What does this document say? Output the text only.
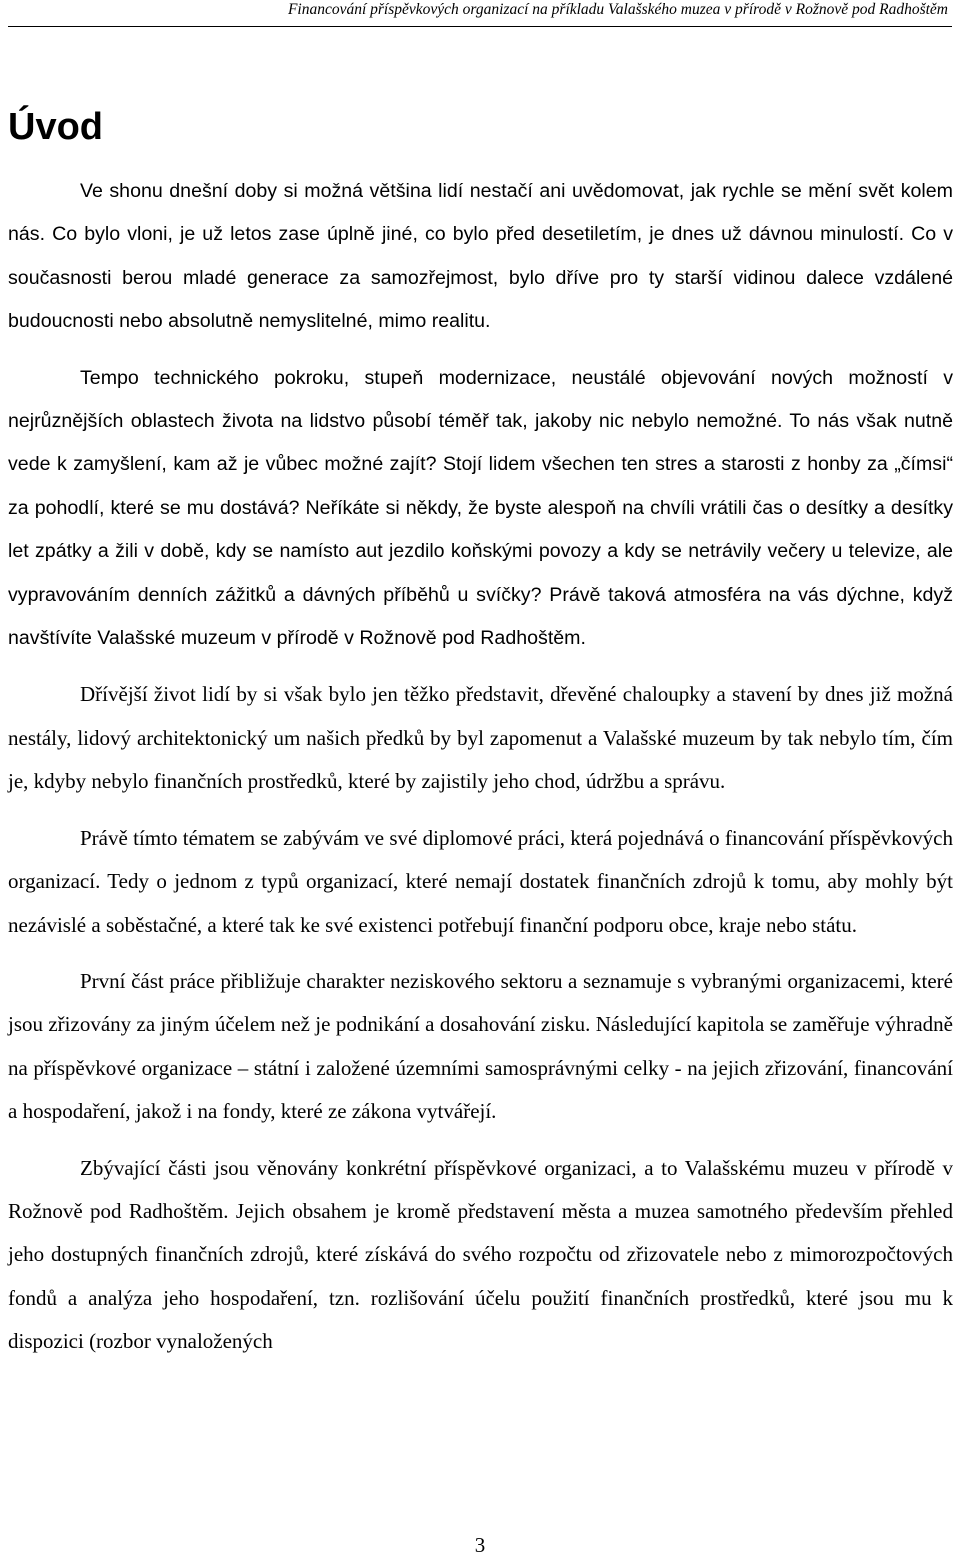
Financování příspěvkových organizací na příkladu Valašského muzea v přírodě v Rožnově pod Radhoštěm
Úvod

Ve shonu dnešní doby si možná většina lidí nestačí ani uvědomovat, jak rychle se mění svět kolem nás. Co bylo vloni, je už letos zase úplně jiné, co bylo před desetiletím, je dnes už dávnou minulostí. Co v současnosti berou mladé generace za samozřejmost, bylo dříve pro ty starší vidinou dalece vzdálené budoucnosti nebo absolutně nemyslitelné, mimo realitu.

Tempo technického pokroku, stupeň modernizace, neustálé objevování nových možností v nejrůznějších oblastech života na lidstvo působí téměř tak, jakoby nic nebylo nemožné. To nás však nutně vede k zamyšlení, kam až je vůbec možné zajít? Stojí lidem všechen ten stres a starosti z honby za „čímsi“ za pohodlí, které se mu dostává? Neříkáte si někdy, že byste alespoň na chvíli vrátili čas o desítky a desítky let zpátky a žili v době, kdy se namísto aut jezdilo koňskými povozy a kdy se netrávily večery u televize, ale vypravováním denních zážitků a dávných příběhů u svíčky? Právě taková atmosféra na vás dýchne, když navštívíte Valašské muzeum v přírodě v Rožnově pod Radhoštěm.

Dřívější život lidí by si však bylo jen těžko představit, dřevěné chaloupky a stavení by dnes již možná nestály, lidový architektonický um našich předků by byl zapomenut a Valašské muzeum by tak nebylo tím, čím je, kdyby nebylo finančních prostředků, které by zajistily jeho chod, údržbu a správu.

Právě tímto tématem se zabývám ve své diplomové práci, která pojednává o financování příspěvkových organizací. Tedy o jednom z typů organizací, které nemají dostatek finančních zdrojů k tomu, aby mohly být nezávislé a soběstačné, a které tak ke své existenci potřebují finanční podporu obce, kraje nebo státu.

První část práce přibližuje charakter neziskového sektoru a seznamuje s vybranými organizacemi, které jsou zřizovány za jiným účelem než je podnikání a dosahování zisku. Následující kapitola se zaměřuje výhradně na příspěvkové organizace – státní i založené územními samosprávnými celky - na jejich zřizování, financování a hospodaření, jakož i na fondy, které ze zákona vytvářejí.

Zbývající části jsou věnovány konkrétní příspěvkové organizaci, a to Valašskému muzeu v přírodě v Rožnově pod Radhoštěm. Jejich obsahem je kromě představení města a muzea samotného především přehled jeho dostupných finančních zdrojů, které získává do svého rozpočtu od zřizovatele nebo z mimorozpočtových fondů a analýza jeho hospodaření, tzn. rozlišování účelu použití finančních prostředků, které jsou mu k dispozici (rozbor vynaložených

3
